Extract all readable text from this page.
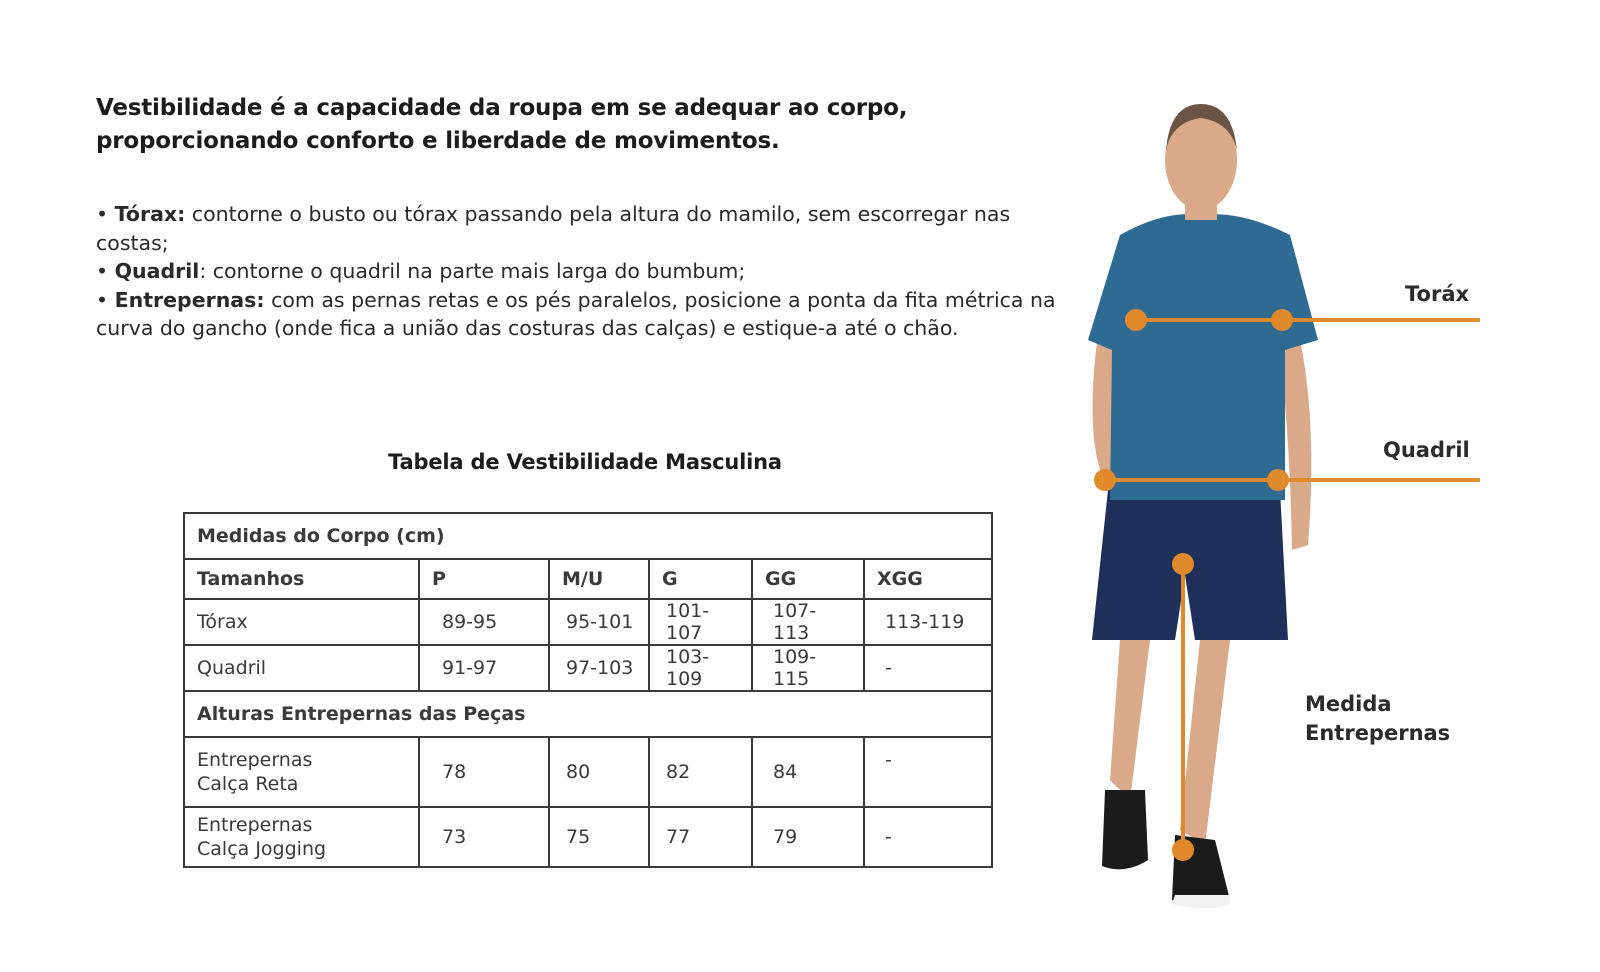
Vestibilidade é a capacidade da roupa em se adequar ao corpo,
proporcionando conforto e liberdade de movimentos.

• Tórax: contorne o busto ou tórax passando pela altura do mamilo, sem escorregar nas costas;

• Quadril: contorne o quadril na parte mais larga do bumbum;

• Entrepernas: com as pernas retas e os pés paralelos, posicione a ponta da fita métrica na curva do gancho (onde fica a união das costuras das calças) e estique-a até o chão.

Tabela de Vestibilidade Masculina
Medidas do Corpo (cm)					
Tamanhos	P	M/U	G	GG	XGG
Tórax	89-95	95-101	101-107	107-113	113-119
Quadril	91-97	97-103	103-109	109-115	-
Alturas Entrepernas das Peças					
Entrepernas
Calça Reta	78	80	82	84	-
Entrepernas
Calça Jogging	73	75	77	79	-
Toráx
Quadril
Medida
Entrepernas
